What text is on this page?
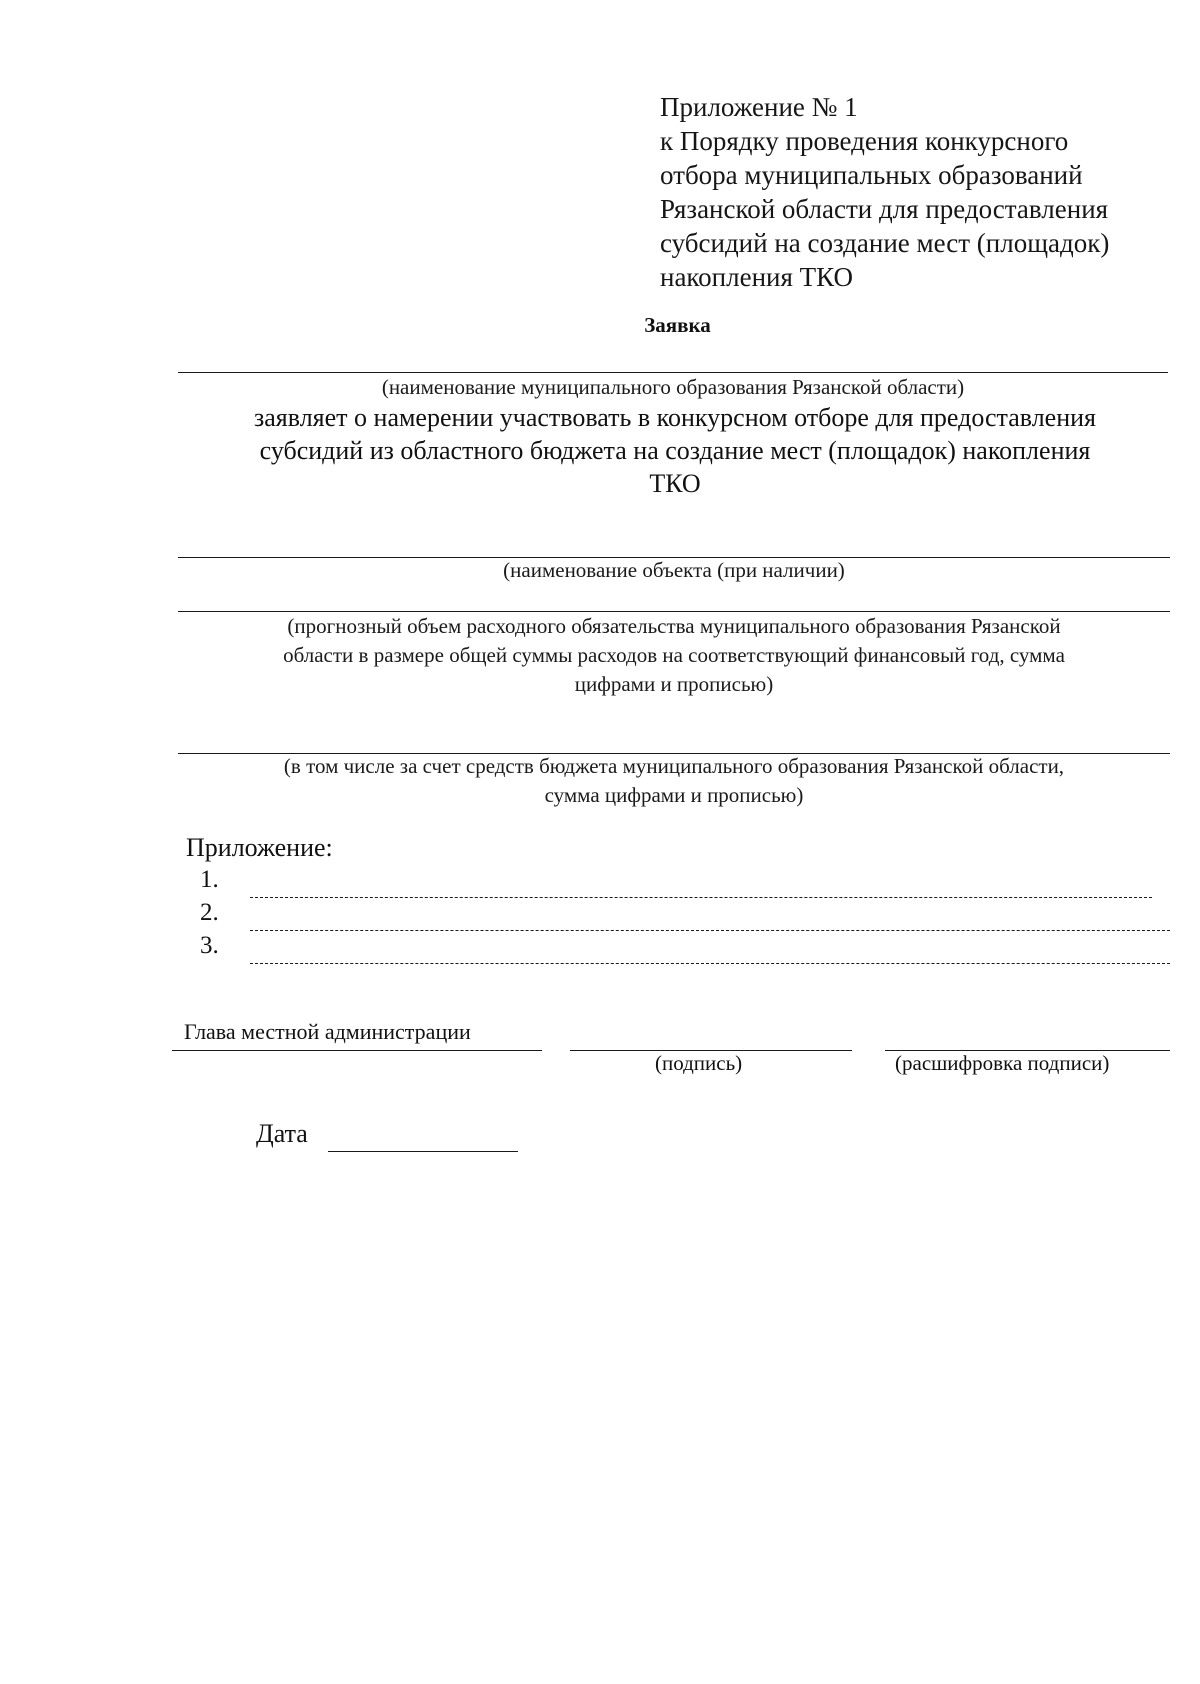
Приложение № 1
к Порядку проведения конкурсного
отбора муниципальных образований
Рязанской области для предоставления
субсидий на создание мест (площадок)
накопления ТКО
Заявка
(наименование муниципального образования Рязанской области)
заявляет о намерении участвовать в конкурсном отборе для предоставления
субсидий из областного бюджета на создание мест (площадок) накопления
ТКО
(наименование объекта (при наличии)
(прогнозный объем расходного обязательства муниципального образования Рязанской
области в размере общей суммы расходов на соответствующий финансовый год, сумма
цифрами и прописью)
(в том числе за счет средств бюджета муниципального образования Рязанской области,
сумма цифрами и прописью)
Приложение:
1.
2.
3.
Глава местной администрации
(подпись)	(расшифровка подписи)
Дата
